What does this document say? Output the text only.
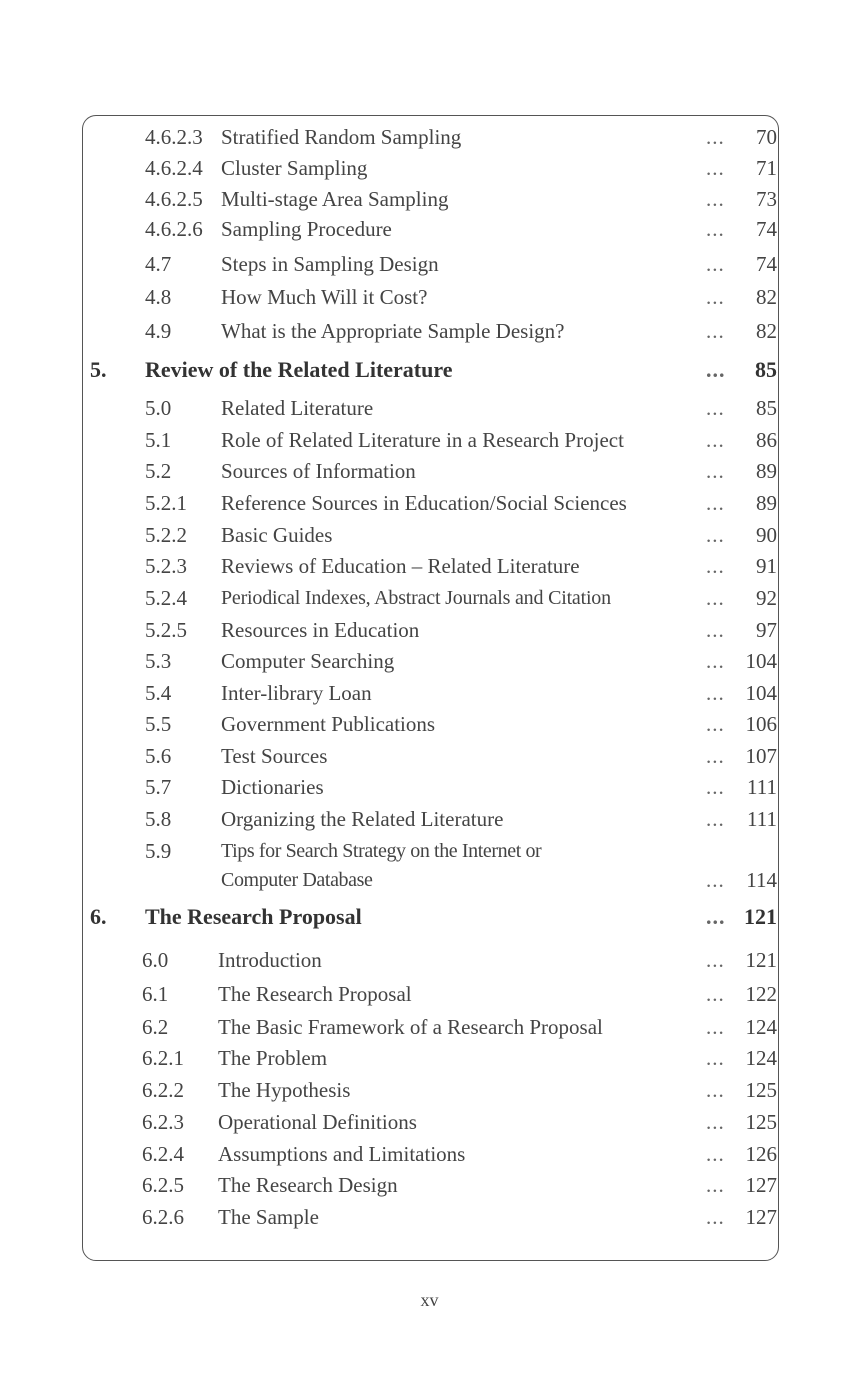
4.6.2.3 Stratified Random Sampling	... 70
4.6.2.4 Cluster Sampling	... 71
4.6.2.5 Multi-stage Area Sampling	... 73
4.6.2.6 Sampling Procedure	... 74
4.7 Steps in Sampling Design	... 74
4.8 How Much Will it Cost?	... 82
4.9 What is the Appropriate Sample Design?	... 82
5. Review of the Related Literature	... 85
5.0 Related Literature	... 85
5.1 Role of Related Literature in a Research Project	... 86
5.2 Sources of Information	... 89
5.2.1 Reference Sources in Education/Social Sciences	... 89
5.2.2 Basic Guides	... 90
5.2.3 Reviews of Education – Related Literature	... 91
5.2.4 Periodical Indexes, Abstract Journals and Citation	... 92
5.2.5 Resources in Education	... 97
5.3 Computer Searching	... 104
5.4 Inter-library Loan	... 104
5.5 Government Publications	... 106
5.6 Test Sources	... 107
5.7 Dictionaries	... 111
5.8 Organizing the Related Literature	... 111
5.9 Tips for Search Strategy on the Internet or
Computer Database	... 114
6. The Research Proposal	... 121
6.0 Introduction	... 121
6.1 The Research Proposal	... 122
6.2 The Basic Framework of a Research Proposal	... 124
6.2.1 The Problem	... 124
6.2.2 The Hypothesis	... 125
6.2.3 Operational Definitions	... 125
6.2.4 Assumptions and Limitations	... 126
6.2.5 The Research Design	... 127
6.2.6 The Sample	... 127
xv
